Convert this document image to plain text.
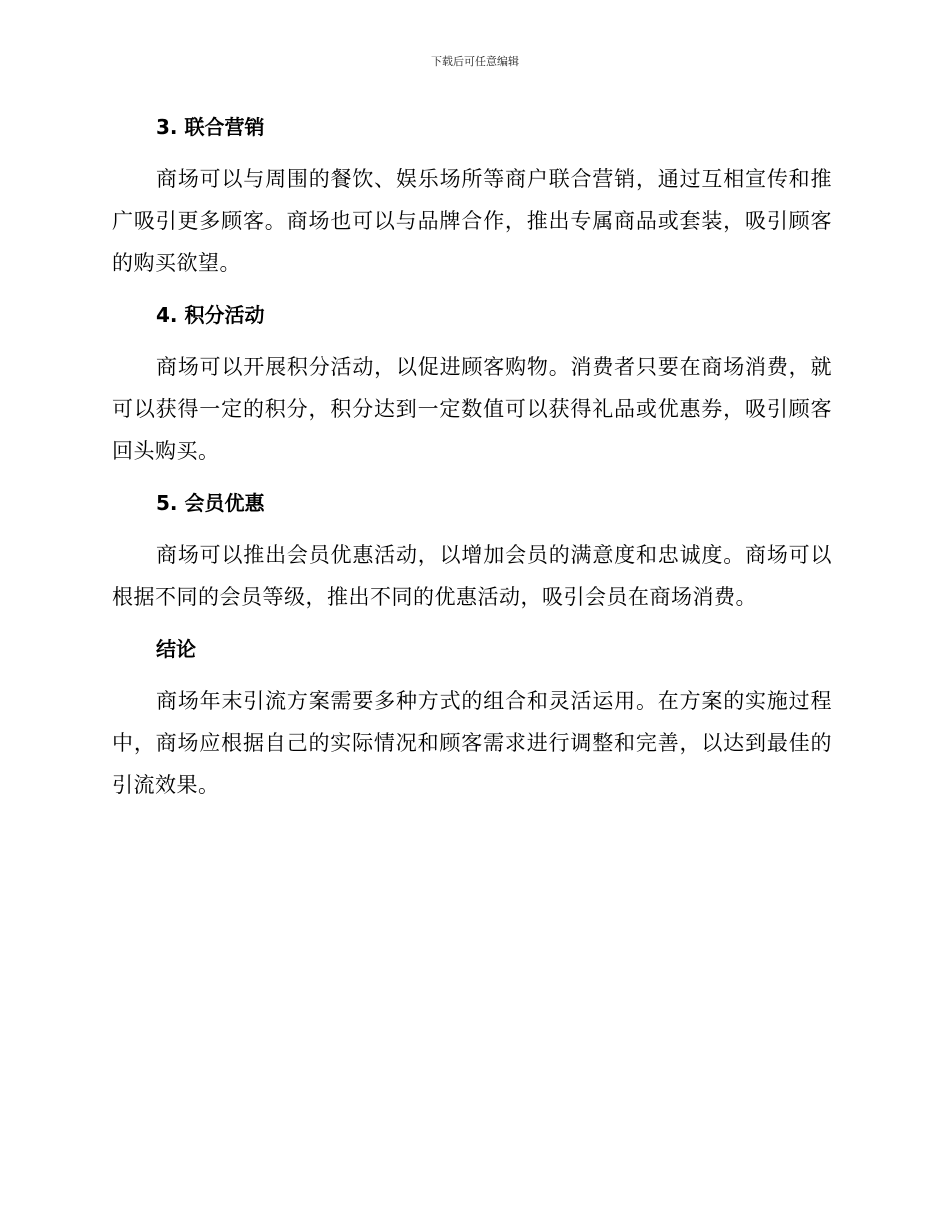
下载后可任意编辑
3. 联合营销

商场可以与周围的餐饮、娱乐场所等商户联合营销，通过互相宣传和推广吸引更多顾客。商场也可以与品牌合作，推出专属商品或套装，吸引顾客的购买欲望。

4. 积分活动

商场可以开展积分活动，以促进顾客购物。消费者只要在商场消费，就可以获得一定的积分，积分达到一定数值可以获得礼品或优惠券，吸引顾客回头购买。

5. 会员优惠

商场可以推出会员优惠活动，以增加会员的满意度和忠诚度。商场可以根据不同的会员等级，推出不同的优惠活动，吸引会员在商场消费。

结论

商场年末引流方案需要多种方式的组合和灵活运用。在方案的实施过程中，商场应根据自己的实际情况和顾客需求进行调整和完善，以达到最佳的引流效果。
